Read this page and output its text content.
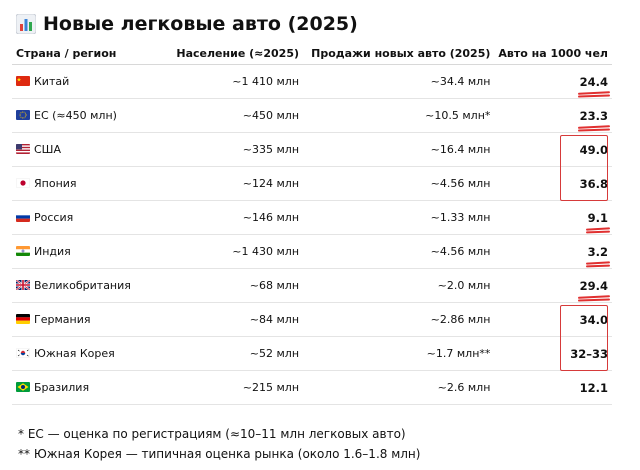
Новые легковые авто (2025)
Страна / регион	Население (≈2025)	Продажи новых авто (2025)	Авто на 1000 чел
Китай	~1 410 млн	~34.4 млн	24.4

ЕС (≈450 млн)	~450 млн	~10.5 млн*	23.3

США	~335 млн	~16.4 млн	49.0
Япония	~124 млн	~4.56 млн	36.8
Россия	~146 млн	~1.33 млн	9.1

Индия	~1 430 млн	~4.56 млн	3.2

Великобритания	~68 млн	~2.0 млн	29.4

Германия	~84 млн	~2.86 млн	34.0
Южная Корея	~52 млн	~1.7 млн**	32–33
Бразилия	~215 млн	~2.6 млн	12.1
* ЕС — оценка по регистрациям (≈10–11 млн легковых авто)
** Южная Корея — типичная оценка рынка (около 1.6–1.8 млн)
